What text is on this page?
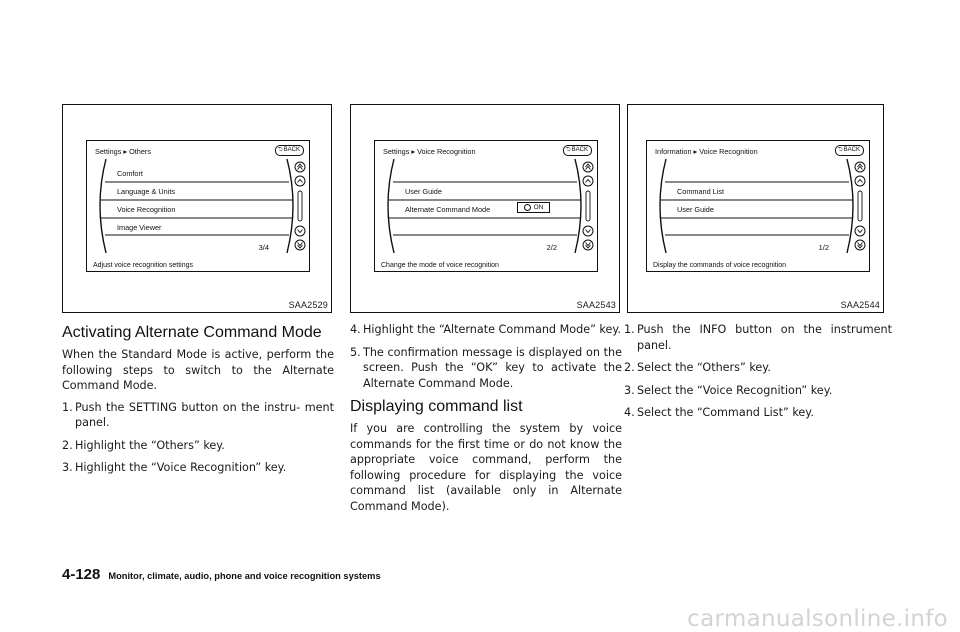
Settings ▸ Others	⮌ BACK
Comfort
Language & Units
Voice Recognition
Image Viewer
3/4
Adjust voice recognition settings
SAA2529
Activating Alternate Command Mode

When the Standard Mode is active, perform the following steps to switch to the Alternate Command Mode.

1. Push the SETTING button on the instru- ment panel.
2. Highlight the “Others” key.
3. Highlight the “Voice Recognition” key.
Settings ▸ Voice Recognition	⮌ BACK
User Guide
Alternate Command Mode	ON
2/2
Change the mode of voice recognition
SAA2543
4. Highlight the “Alternate Command Mode” key.
5. The confirmation message is displayed on the screen. Push the “OK” key to activate the Alternate Command Mode.
Displaying command list

If you are controlling the system by voice commands for the first time or do not know the appropriate voice command, perform the following procedure for displaying the voice command list (available only in Alternate Command Mode).

Information ▸ Voice Recognition	⮌ BACK
Command List
User Guide
1/2
Display the commands of voice recognition
SAA2544
1. Push the INFO button on the instrument panel.
2. Select the “Others” key.
3. Select the “Voice Recognition” key.
4. Select the “Command List” key.
4-128 Monitor, climate, audio, phone and voice recognition systems
carmanualsonline.info
